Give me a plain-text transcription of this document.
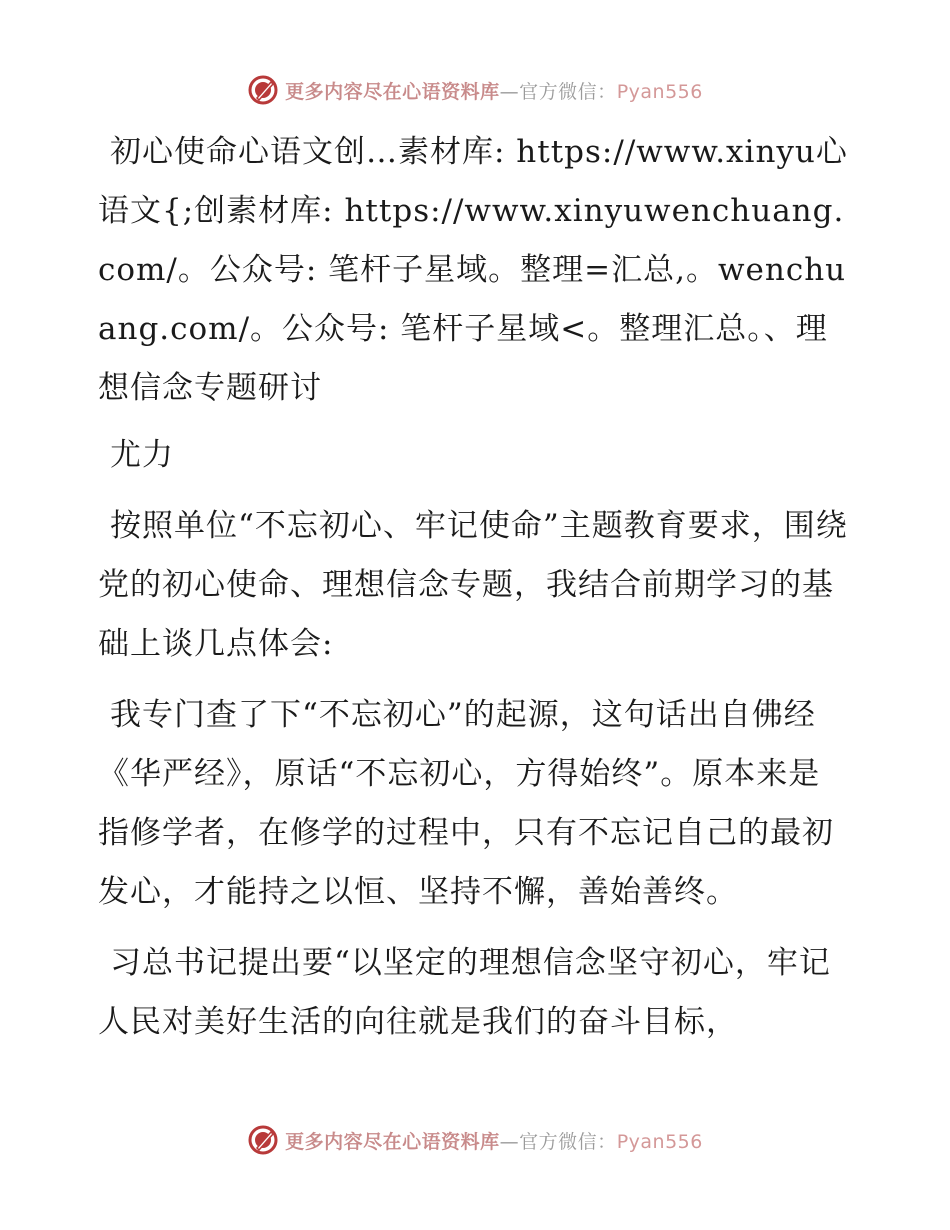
更多内容尽在心语资料库—官方微信：Pyan556

初心使命心语文创…素材库: https://www.xinyu心语文{;创素材库: https://www.xinyuwenchuang.com/。公众号: 笔杆子星域。整理=汇总,。wenchuang.com/。公众号: 笔杆子星域<。整理汇总。、理想信念专题研讨

尤力

按照单位“不忘初心、牢记使命”主题教育要求，围绕党的初心使命、理想信念专题，我结合前期学习的基础上谈几点体会:

我专门查了下“不忘初心”的起源，这句话出自佛经《华严经》，原话“不忘初心，方得始终”。原本来是指修学者，在修学的过程中，只有不忘记自己的最初发心，才能持之以恒、坚持不懈，善始善终。

习总书记提出要“以坚定的理想信念坚守初心，牢记人民对美好生活的向往就是我们的奋斗目标，

更多内容尽在心语资料库—官方微信：Pyan556
